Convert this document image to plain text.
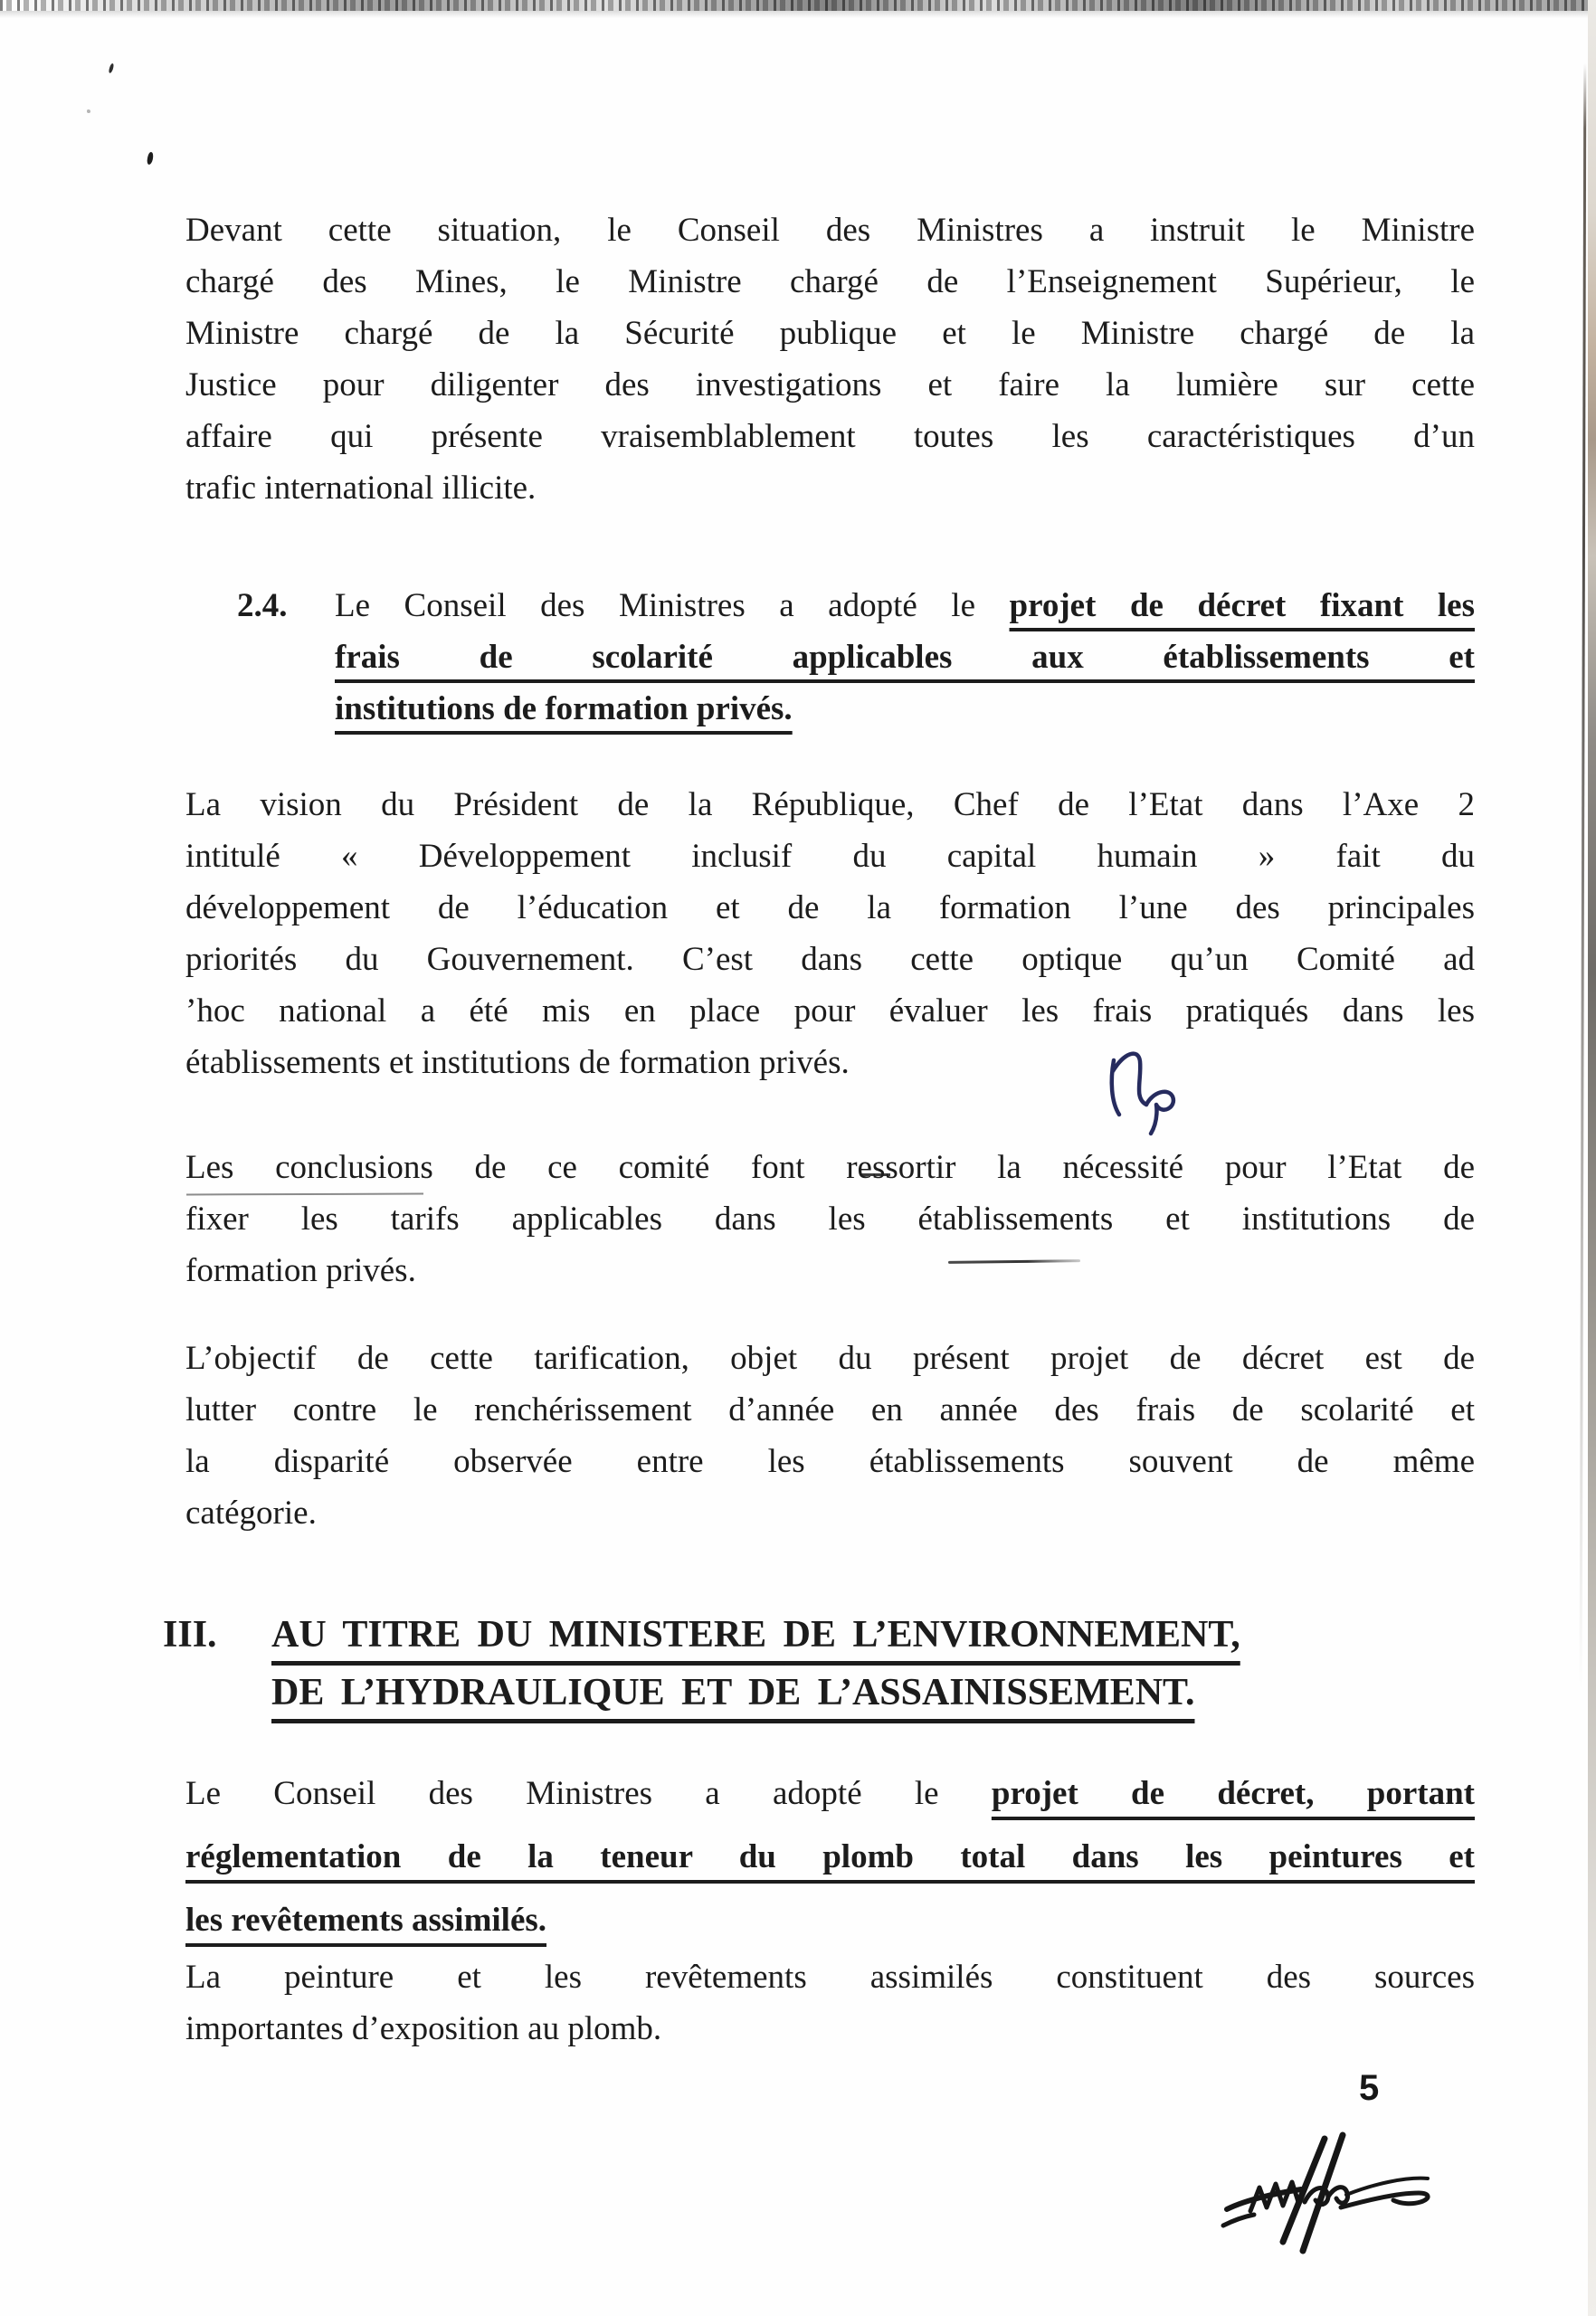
Devant cette situation, le Conseil des Ministres a instruit le Ministre
chargé des Mines, le Ministre chargé de l’Enseignement Supérieur, le
Ministre chargé de la Sécurité publique et le Ministre chargé de la
Justice pour diligenter des investigations et faire la lumière sur cette
affaire qui présente vraisemblablement toutes les caractéristiques d’un
trafic international illicite.
2.4. Le Conseil des Ministres a adopté le projet de décret fixant les
frais de scolarité applicables aux établissements et
institutions de formation privés.
La vision du Président de la République, Chef de l’Etat dans l’Axe 2
intitulé « Développement inclusif du capital humain » fait du
développement de l’éducation et de la formation l’une des principales
priorités du Gouvernement. C’est dans cette optique qu’un Comité ad
’hoc national a été mis en place pour évaluer les frais pratiqués dans les
établissements et institutions de formation privés.
Les conclusions de ce comité font ressortir la nécessité pour l’Etat de
fixer les tarifs applicables dans les établissements et institutions de
formation privés.
L’objectif de cette tarification, objet du présent projet de décret est de
lutter contre le renchérissement d’année en année des frais de scolarité et
la disparité observée entre les établissements souvent de même
catégorie.
III. AU TITRE DU MINISTERE DE L’ENVIRONNEMENT,
DE L’HYDRAULIQUE ET DE L’ASSAINISSEMENT.
Le Conseil des Ministres a adopté le projet de décret, portant
réglementation de la teneur du plomb total dans les peintures et
les revêtements assimilés.
La peinture et les revêtements assimilés constituent des sources
importantes d’exposition au plomb.
5
